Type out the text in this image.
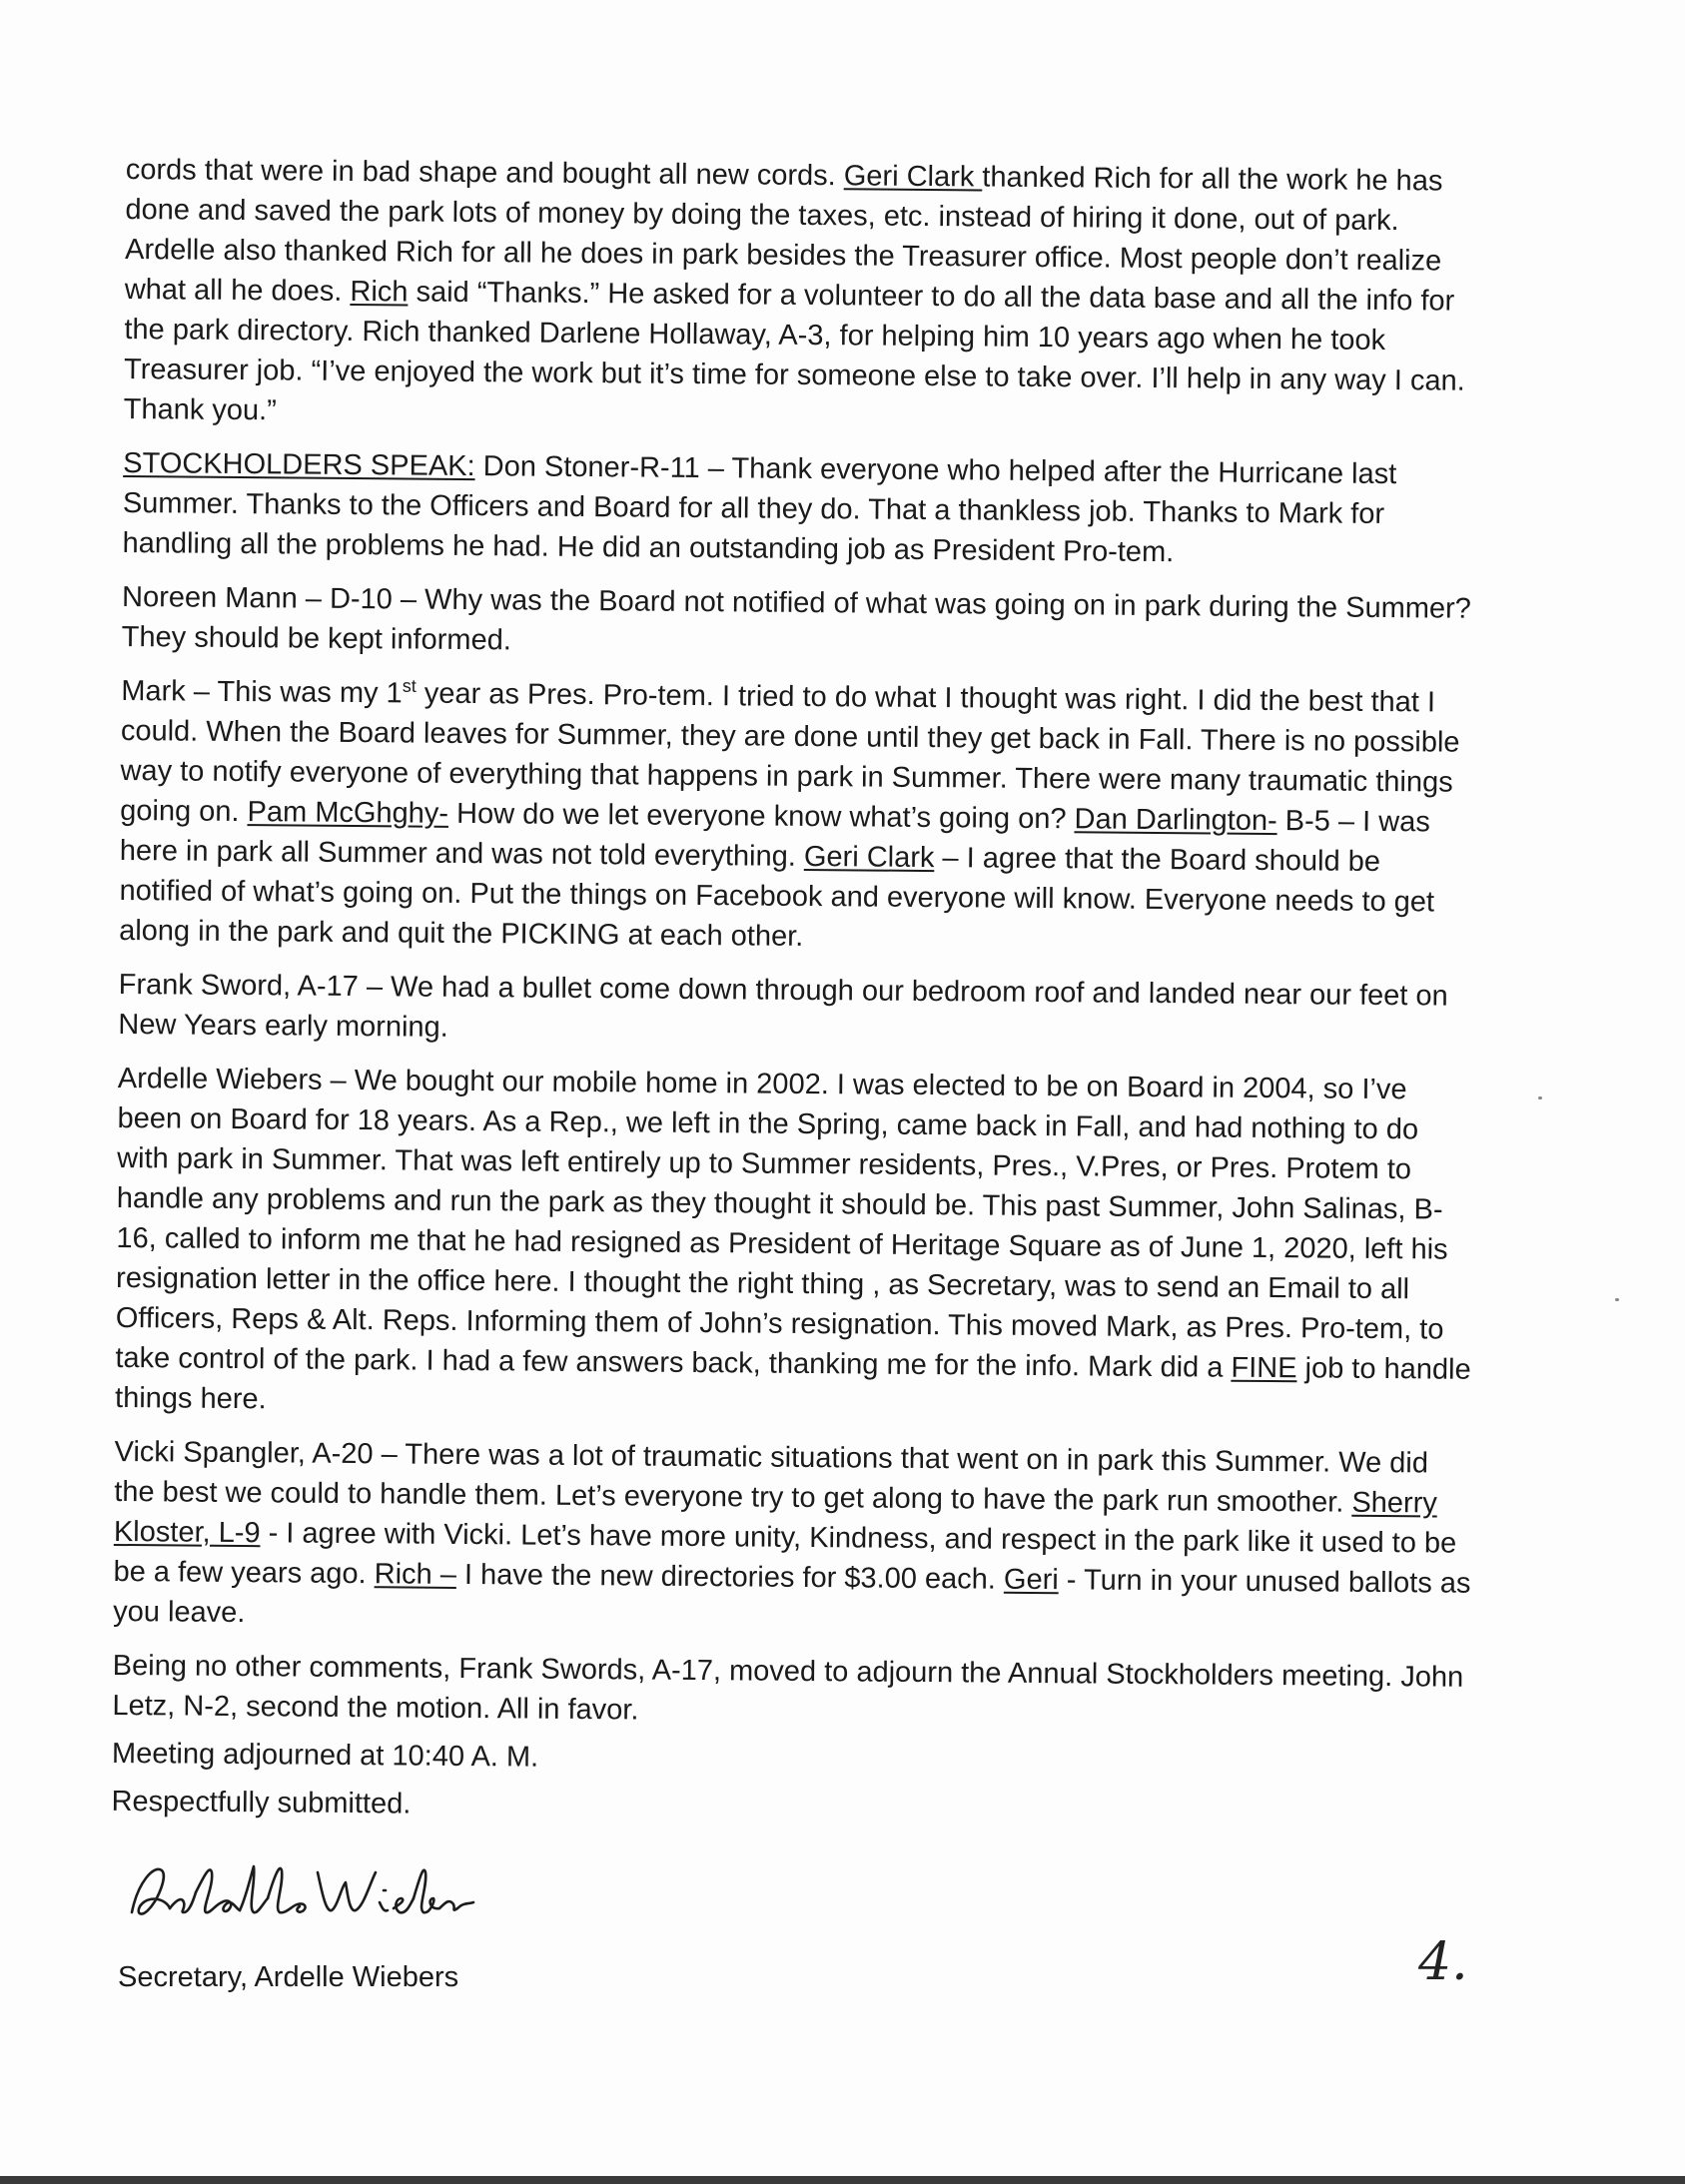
cords that were in bad shape and bought all new cords. Geri Clark thanked Rich for all the work he has done and saved the park lots of money by doing the taxes, etc. instead of hiring it done, out of park. Ardelle also thanked Rich for all he does in park besides the Treasurer office. Most people don’t realize what all he does. Rich said “Thanks.” He asked for a volunteer to do all the data base and all the info for the park directory. Rich thanked Darlene Hollaway, A-3, for helping him 10 years ago when he took Treasurer job. “I’ve enjoyed the work but it’s time for someone else to take over. I’ll help in any way I can. Thank you.”

STOCKHOLDERS SPEAK: Don Stoner-R-11 – Thank everyone who helped after the Hurricane last Summer. Thanks to the Officers and Board for all they do. That a thankless job. Thanks to Mark for handling all the problems he had. He did an outstanding job as President Pro-tem.

Noreen Mann – D-10 – Why was the Board not notified of what was going on in park during the Summer? They should be kept informed.

Mark – This was my 1st year as Pres. Pro-tem. I tried to do what I thought was right. I did the best that I could. When the Board leaves for Summer, they are done until they get back in Fall. There is no possible way to notify everyone of everything that happens in park in Summer. There were many traumatic things going on. Pam McGhghy- How do we let everyone know what’s going on? Dan Darlington- B-5 – I was here in park all Summer and was not told everything. Geri Clark – I agree that the Board should be notified of what’s going on. Put the things on Facebook and everyone will know. Everyone needs to get along in the park and quit the PICKING at each other.

Frank Sword, A-17 – We had a bullet come down through our bedroom roof and landed near our feet on New Years early morning.

Ardelle Wiebers – We bought our mobile home in 2002. I was elected to be on Board in 2004, so I’ve been on Board for 18 years. As a Rep., we left in the Spring, came back in Fall, and had nothing to do with park in Summer. That was left entirely up to Summer residents, Pres., V.Pres, or Pres. Protem to handle any problems and run the park as they thought it should be. This past Summer, John Salinas, B-16, called to inform me that he had resigned as President of Heritage Square as of June 1, 2020, left his resignation letter in the office here. I thought the right thing , as Secretary, was to send an Email to all Officers, Reps & Alt. Reps. Informing them of John’s resignation. This moved Mark, as Pres. Pro-tem, to take control of the park. I had a few answers back, thanking me for the info. Mark did a FINE job to handle things here.

Vicki Spangler, A-20 – There was a lot of traumatic situations that went on in park this Summer. We did the best we could to handle them. Let’s everyone try to get along to have the park run smoother. Sherry Kloster, L-9 - I agree with Vicki. Let’s have more unity, Kindness, and respect in the park like it used to be be a few years ago. Rich – I have the new directories for $3.00 each. Geri - Turn in your unused ballots as you leave.

Being no other comments, Frank Swords, A-17, moved to adjourn the Annual Stockholders meeting. John Letz, N-2, second the motion. All in favor.

Meeting adjourned at 10:40 A. M.

Respectfully submitted.

Secretary, Ardelle Wiebers	4.
